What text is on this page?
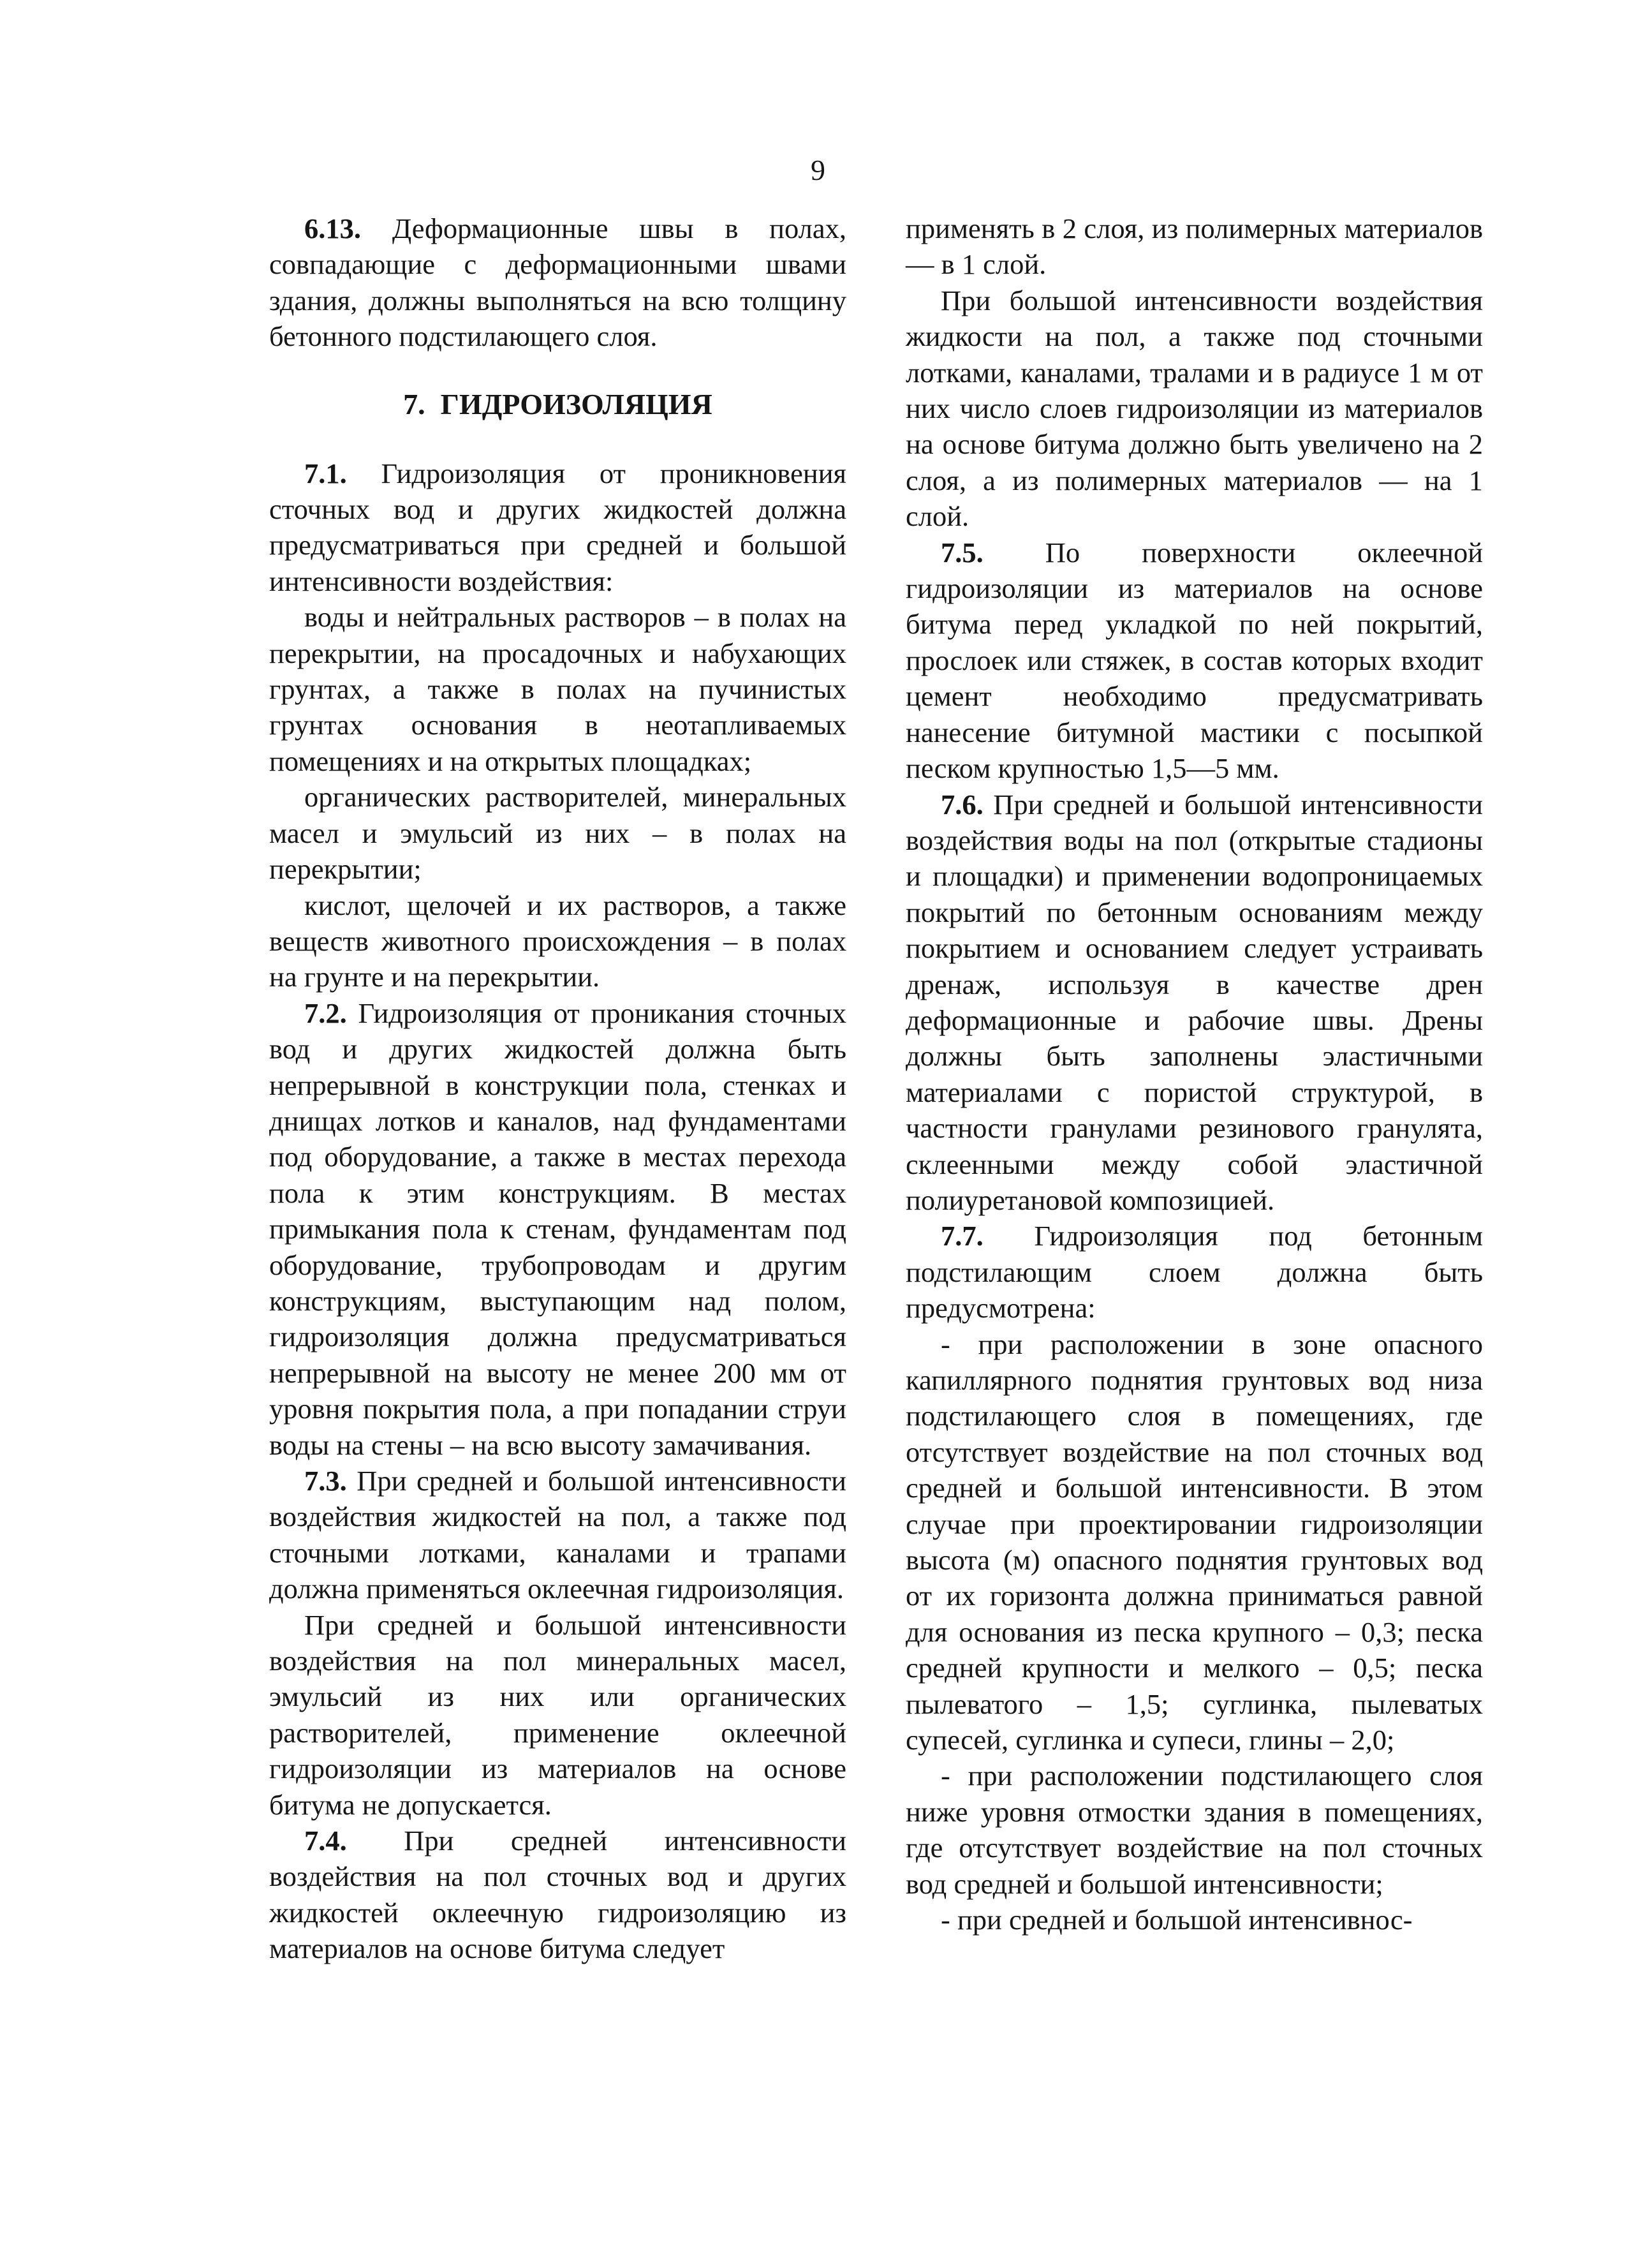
9

6.13. Деформационные швы в полах, совпадающие с деформационными швами здания, должны выполняться на всю толщину бетонного подстилающего слоя.

7. ГИДРОИЗОЛЯЦИЯ

7.1. Гидроизоляция от проникновения сточных вод и других жидкостей должна предусматриваться при средней и большой интенсивности воздействия:

воды и нейтральных растворов – в полах на перекрытии, на просадочных и набухающих грунтах, а также в полах на пучинистых грунтах основания в неотапливаемых помещениях и на открытых площадках;

органических растворителей, минеральных масел и эмульсий из них – в полах на перекрытии;

кислот, щелочей и их растворов, а также веществ животного происхождения – в полах на грунте и на перекрытии.

7.2. Гидроизоляция от проникания сточных вод и других жидкостей должна быть непрерывной в конструкции пола, стенках и днищах лотков и каналов, над фундаментами под оборудование, а также в местах перехода пола к этим конструкциям. В местах примыкания пола к стенам, фундаментам под оборудование, трубопроводам и другим конструкциям, выступающим над полом, гидроизоляция должна предусматриваться непрерывной на высоту не менее 200 мм от уровня покрытия пола, а при попадании струи воды на стены – на всю высоту замачивания.

7.3. При средней и большой интенсивности воздействия жидкостей на пол, а также под сточными лотками, каналами и трапами должна применяться оклеечная гидроизоляция.

При средней и большой интенсивности воздействия на пол минеральных масел, эмульсий из них или органических растворителей, применение оклеечной гидроизоляции из материалов на основе битума не допускается.

7.4. При средней интенсивности воздействия на пол сточных вод и других жидкостей оклеечную гидроизоляцию из материалов на основе битума следует

применять в 2 слоя, из полимерных материалов — в 1 слой.

При большой интенсивности воздействия жидкости на пол, а также под сточными лотками, каналами, тралами и в радиусе 1 м от них число слоев гидроизоляции из материалов на основе битума должно быть увеличено на 2 слоя, а из полимерных материалов — на 1 слой.

7.5. По поверхности оклеечной гидроизоляции из материалов на основе битума перед укладкой по ней покрытий, прослоек или стяжек, в состав которых входит цемент необходимо предусматривать нанесение битумной мастики с посыпкой песком крупностью 1,5—5 мм.

7.6. При средней и большой интенсивности воздействия воды на пол (открытые стадионы и площадки) и применении водопроницаемых покрытий по бетонным основаниям между покрытием и основанием следует устраивать дренаж, используя в качестве дрен деформационные и рабочие швы. Дрены должны быть заполнены эластичными материалами с пористой структурой, в частности гранулами резинового гранулята, склеенными между собой эластичной полиуретановой композицией.

7.7. Гидроизоляция под бетонным подстилающим слоем должна быть предусмотрена:

- при расположении в зоне опасного капиллярного поднятия грунтовых вод низа подстилающего слоя в помещениях, где отсутствует воздействие на пол сточных вод средней и большой интенсивности. В этом случае при проектировании гидроизоляции высота (м) опасного поднятия грунтовых вод от их горизонта должна приниматься равной для основания из песка крупного – 0,3; песка средней крупности и мелкого – 0,5; песка пылеватого – 1,5; суглинка, пылеватых супесей, суглинка и супеси, глины – 2,0;

- при расположении подстилающего слоя ниже уровня отмостки здания в помещениях, где отсутствует воздействие на пол сточных вод средней и большой интенсивности;

- при средней и большой интенсивнос-
